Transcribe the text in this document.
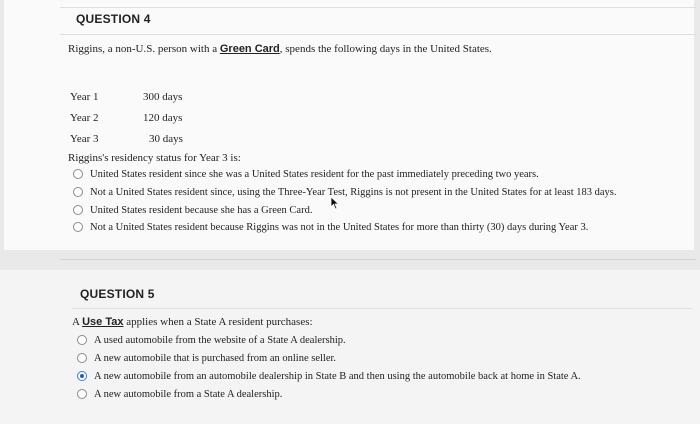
QUESTION 4
Riggins, a non-U.S. person with a Green Card, spends the following days in the United States.
Year 1	300 days
Year 2	120 days
Year 3	30 days
Riggins's residency status for Year 3 is:
United States resident since she was a United States resident for the past immediately preceding two years.
Not a United States resident since, using the Three-Year Test, Riggins is not present in the United States for at least 183 days.
United States resident because she has a Green Card.
Not a United States resident because Riggins was not in the United States for more than thirty (30) days during Year 3.
QUESTION 5
A Use Tax applies when a State A resident purchases:
A used automobile from the website of a State A dealership.
A new automobile that is purchased from an online seller.
A new automobile from an automobile dealership in State B and then using the automobile back at home in State A.
A new automobile from a State A dealership.
